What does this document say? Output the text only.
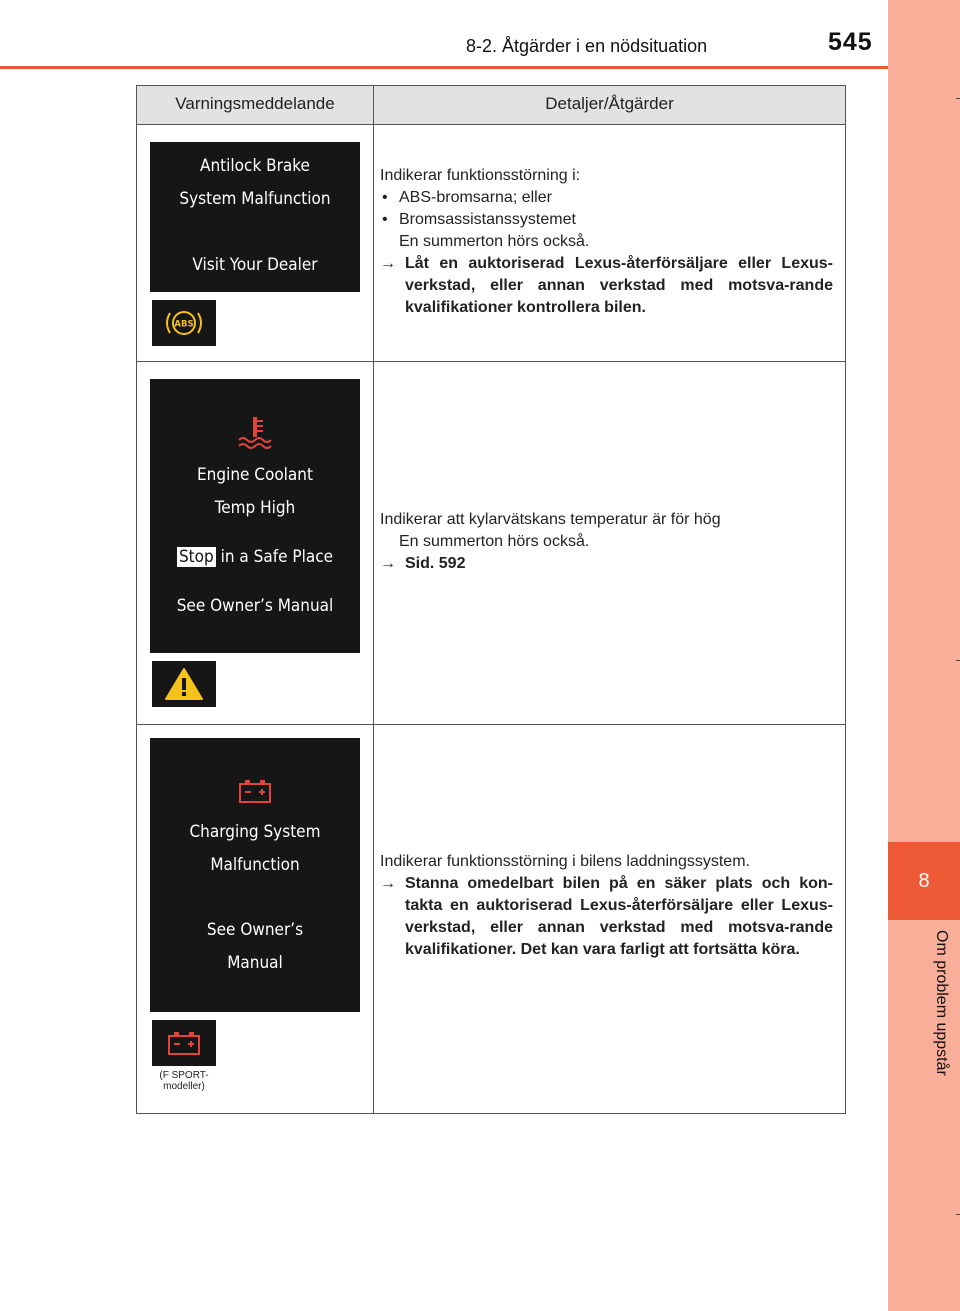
8-2. Åtgärder i en nödsituation	545
8
Om problem uppstår
Varningsmeddelande	Detaljer/Åtgärder
Antilock Brake
System Malfunction
Visit Your Dealer
ABS

Indikerar funktionsstörning i:

• ABS-bromsarna; eller

• Bromsassistanssystemet

En summerton hörs också.

→ Låt en auktoriserad Lexus-återförsäljare eller Lexus-verkstad, eller annan verkstad med motsva-rande kvalifikationer kontrollera bilen.

Engine Coolant
Temp High
Stop in a Safe Place
See Owner’s Manual

Indikerar att kylarvätskans temperatur är för hög

En summerton hörs också.

→ Sid. 592

Charging System
Malfunction
See Owner’s
Manual
(F SPORT-modeller)

Indikerar funktionsstörning i bilens laddningssystem.

→ Stanna omedelbart bilen på en säker plats och kon-takta en auktoriserad Lexus-återförsäljare eller Lexus-verkstad, eller annan verkstad med motsva-rande kvalifikationer. Det kan vara farligt att fortsätta köra.
